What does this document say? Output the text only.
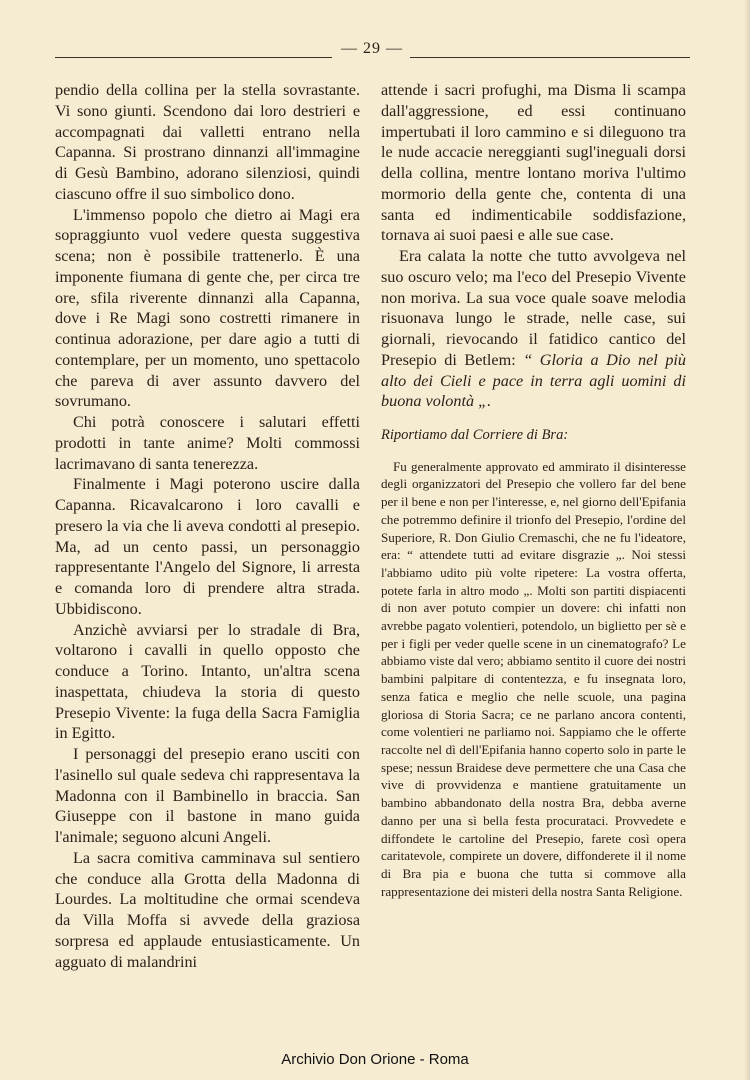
— 29 —

pendio della collina per la stella sovrastante. Vi sono giunti. Scendono dai loro destrieri e accompagnati dai valletti entrano nella Capanna. Si prostrano dinnanzi all'immagine di Gesù Bambino, adorano silenziosi, quindi ciascuno offre il suo simbolico dono.

L'immenso popolo che dietro ai Magi era sopraggiunto vuol vedere questa suggestiva scena; non è possibile trattenerlo. È una imponente fiumana di gente che, per circa tre ore, sfila riverente dinnanzi alla Capanna, dove i Re Magi sono costretti rimanere in continua adorazione, per dare agio a tutti di contemplare, per un momento, uno spettacolo che pareva di aver assunto davvero del sovrumano.

Chi potrà conoscere i salutari effetti prodotti in tante anime? Molti commossi lacrimavano di santa tenerezza.

Finalmente i Magi poterono uscire dalla Capanna. Ricavalcarono i loro cavalli e presero la via che li aveva condotti al presepio. Ma, ad un cento passi, un personaggio rappresentante l'Angelo del Signore, li arresta e comanda loro di prendere altra strada. Ubbidiscono.

Anzichè avviarsi per lo stradale di Bra, voltarono i cavalli in quello opposto che conduce a Torino. Intanto, un'altra scena inaspettata, chiudeva la storia di questo Presepio Vivente: la fuga della Sacra Famiglia in Egitto.

I personaggi del presepio erano usciti con l'asinello sul quale sedeva chi rappresentava la Madonna con il Bambinello in braccia. San Giuseppe con il bastone in mano guida l'animale; seguono alcuni Angeli.

La sacra comitiva camminava sul sentiero che conduce alla Grotta della Madonna di Lourdes. La moltitudine che ormai scendeva da Villa Moffa si avvede della graziosa sorpresa ed applaude entusiasticamente. Un agguato di malandrini

attende i sacri profughi, ma Disma li scampa dall'aggressione, ed essi continuano impertubati il loro cammino e si dileguono tra le nude accacie nereggianti sugl'ineguali dorsi della collina, mentre lontano moriva l'ultimo mormorio della gente che, contenta di una santa ed indimenticabile soddisfazione, tornava ai suoi paesi e alle sue case.

Era calata la notte che tutto avvolgeva nel suo oscuro velo; ma l'eco del Presepio Vivente non moriva. La sua voce quale soave melodia risuonava lungo le strade, nelle case, sui giornali, rievocando il fatidico cantico del Presepio di Betlem: “ Gloria a Dio nel più alto dei Cieli e pace in terra agli uomini di buona volontà „.

Riportiamo dal Corriere di Bra:

Fu generalmente approvato ed ammirato il disinteresse degli organizzatori del Presepio che vollero far del bene per il bene e non per l'interesse, e, nel giorno dell'Epifania che potremmo definire il trionfo del Presepio, l'ordine del Superiore, R. Don Giulio Cremaschi, che ne fu l'ideatore, era: “ attendete tutti ad evitare disgrazie „. Noi stessi l'abbiamo udito più volte ripetere: La vostra offerta, potete farla in altro modo „. Molti son partiti dispiacenti di non aver potuto compier un dovere: chi infatti non avrebbe pagato volentieri, potendolo, un biglietto per sè e per i figli per veder quelle scene in un cinematografo? Le abbiamo viste dal vero; abbiamo sentito il cuore dei nostri bambini palpitare di contentezza, e fu insegnata loro, senza fatica e meglio che nelle scuole, una pagina gloriosa di Storia Sacra; ce ne parlano ancora contenti, come volentieri ne parliamo noi. Sappiamo che le offerte raccolte nel dì dell'Epifania hanno coperto solo in parte le spese; nessun Braidese deve permettere che una Casa che vive di provvidenza e mantiene gratuitamente un bambino abbandonato della nostra Bra, debba averne danno per una sì bella festa procurataci. Provvedete e diffondete le cartoline del Presepio, farete così opera caritatevole, compirete un dovere, diffonderete il il nome di Bra pia e buona che tutta si commove alla rappresentazione dei misteri della nostra Santa Religione.

Archivio Don Orione - Roma
